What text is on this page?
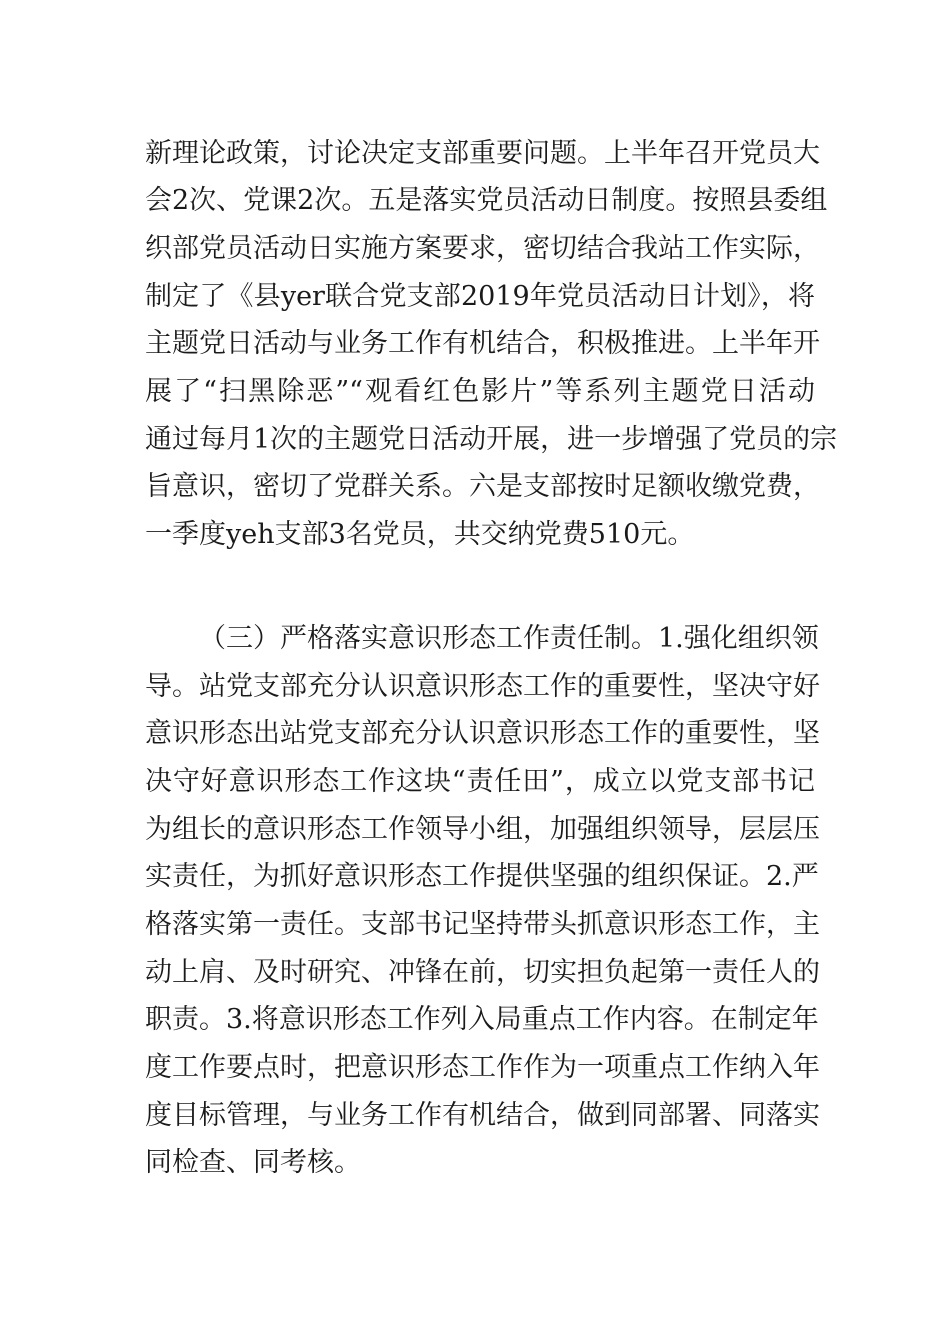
新理论政策，讨论决定支部重要问题。上半年召开党员大
会2次、党课2次。五是落实党员活动日制度。按照县委组
织部党员活动日实施方案要求，密切结合我站工作实际，
制定了《县yer联合党支部2019年党员活动日计划》，将
主题党日活动与业务工作有机结合，积极推进。上半年开
展了“扫黑除恶”“观看红色影片”等系列主题党日活动
通过每月1次的主题党日活动开展，进一步增强了党员的宗
旨意识，密切了党群关系。六是支部按时足额收缴党费，
一季度yeh支部3名党员，共交纳党费510元。
（三）严格落实意识形态工作责任制。1.强化组织领
导。站党支部充分认识意识形态工作的重要性，坚决守好
意识形态出站党支部充分认识意识形态工作的重要性，坚
决守好意识形态工作这块“责任田”，成立以党支部书记
为组长的意识形态工作领导小组，加强组织领导，层层压
实责任，为抓好意识形态工作提供坚强的组织保证。2.严
格落实第一责任。支部书记坚持带头抓意识形态工作，主
动上肩、及时研究、冲锋在前，切实担负起第一责任人的
职责。3.将意识形态工作列入局重点工作内容。在制定年
度工作要点时，把意识形态工作作为一项重点工作纳入年
度目标管理，与业务工作有机结合，做到同部署、同落实
同检查、同考核。
